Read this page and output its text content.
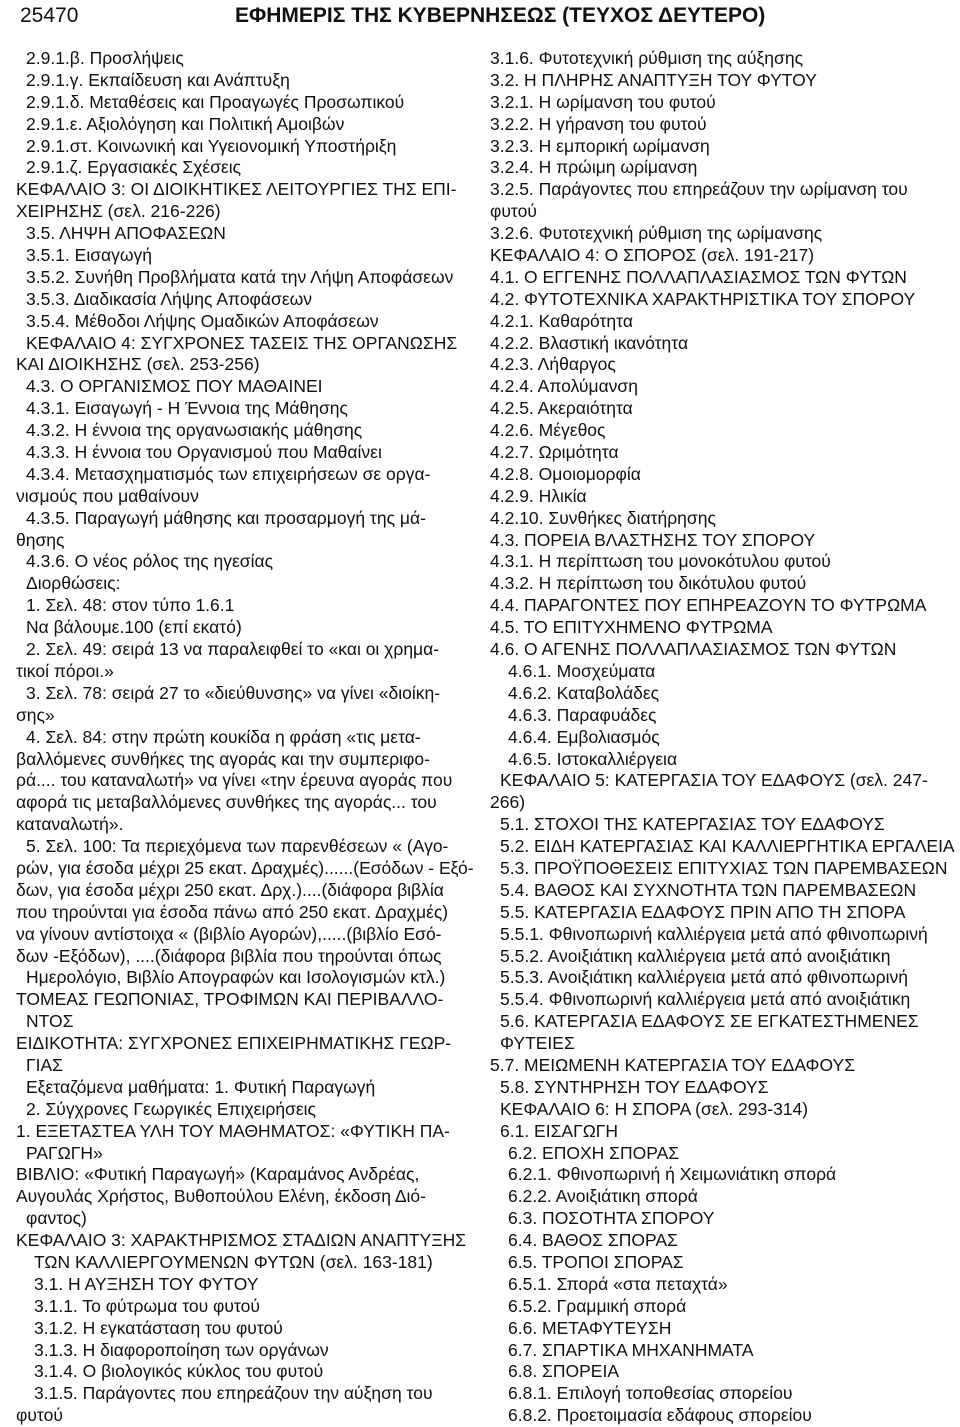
25470	ΕΦΗΜΕΡΙΣ ΤΗΣ ΚΥΒΕΡΝΗΣΕΩΣ (ΤΕΥΧΟΣ ΔΕΥΤΕΡΟ)
2.9.1.β. Προσλήψεις
2.9.1.γ. Εκπαίδευση και Ανάπτυξη
2.9.1.δ. Μεταθέσεις και Προαγωγές Προσωπικού
2.9.1.ε. Αξιολόγηση και Πολιτική Αμοιβών
2.9.1.στ. Κοινωνική και Υγειονομική Υποστήριξη
2.9.1.ζ. Εργασιακές Σχέσεις
ΚΕΦΑΛΑΙΟ 3: ΟΙ ΔΙΟΙΚΗΤΙΚΕΣ ΛΕΙΤΟΥΡΓΙΕΣ ΤΗΣ ΕΠΙ-
ΧΕΙΡΗΣΗΣ (σελ. 216-226)
3.5. ΛΗΨΗ ΑΠΟΦΑΣΕΩΝ
3.5.1. Εισαγωγή
3.5.2. Συνήθη Προβλήματα κατά την Λήψη Αποφάσεων
3.5.3. Διαδικασία Λήψης Αποφάσεων
3.5.4. Μέθοδοι Λήψης Ομαδικών Αποφάσεων
ΚΕΦΑΛΑΙΟ 4: ΣΥΓΧΡΟΝΕΣ ΤΑΣΕΙΣ ΤΗΣ ΟΡΓΑΝΩΣΗΣ
ΚΑΙ ΔΙΟΙΚΗΣΗΣ (σελ. 253-256)
4.3. Ο ΟΡΓΑΝΙΣΜΟΣ ΠΟΥ ΜΑΘΑΙΝΕΙ
4.3.1. Εισαγωγή - Η Έννοια της Μάθησης
4.3.2. Η έννοια της οργανωσιακής μάθησης
4.3.3. Η έννοια του Οργανισμού που Μαθαίνει
4.3.4. Μετασχηματισμός των επιχειρήσεων σε οργα-
νισμούς που μαθαίνουν
4.3.5. Παραγωγή μάθησης και προσαρμογή της μά-
θησης
4.3.6. Ο νέος ρόλος της ηγεσίας
Διορθώσεις:
1. Σελ. 48: στον τύπο 1.6.1
Να βάλουμε.100 (επί εκατό)
2. Σελ. 49: σειρά 13 να παραλειφθεί το «και οι χρημα-
τικοί πόροι.»
3. Σελ. 78: σειρά 27 το «διεύθυνσης» να γίνει «διοίκη-
σης»
4. Σελ. 84: στην πρώτη κουκίδα η φράση «τις μετα-
βαλλόμενες συνθήκες της αγοράς και την συμπεριφο-
ρά.... του καταναλωτή» να γίνει «την έρευνα αγοράς που
αφορά τις μεταβαλλόμενες συνθήκες της αγοράς... του
καταναλωτή».
5. Σελ. 100: Τα περιεχόμενα των παρενθέσεων « (Αγο-
ρών, για έσοδα μέχρι 25 εκατ. Δραχμές)......(Εσόδων - Εξό-
δων, για έσοδα μέχρι 250 εκατ. Δρχ.)....(διάφορα βιβλία
που τηρούνται για έσοδα πάνω από 250 εκατ. Δραχμές)
να γίνουν αντίστοιχα « (βιβλίο Αγορών),.....(βιβλίο Εσό-
δων -Εξόδων), ....(διάφορα βιβλία που τηρούνται όπως
Ημερολόγιο, Βιβλίο Απογραφών και Ισολογισμών κτλ.)
ΤΟΜΕΑΣ ΓΕΩΠΟΝΙΑΣ, ΤΡΟΦΙΜΩΝ ΚΑΙ ΠΕΡΙΒΑΛΛΟ-
ΝΤΟΣ
ΕΙΔΙΚΟΤΗΤΑ: ΣΥΓΧΡΟΝΕΣ ΕΠΙΧΕΙΡΗΜΑΤΙΚΗΣ ΓΕΩΡ-
ΓΙΑΣ
Εξεταζόμενα μαθήματα: 1. Φυτική Παραγωγή
2. Σύγχρονες Γεωργικές Επιχειρήσεις
1. ΕΞΕΤΑΣΤΕΑ ΥΛΗ ΤΟΥ ΜΑΘΗΜΑΤΟΣ: «ΦΥΤΙΚΗ ΠΑ-
ΡΑΓΩΓΗ»
ΒΙΒΛΙΟ: «Φυτική Παραγωγή» (Καραμάνος Ανδρέας,
Αυγουλάς Χρήστος, Βυθοπούλου Ελένη, έκδοση Διό-
φαντος)
ΚΕΦΑΛΑΙΟ 3: ΧΑΡΑΚΤΗΡΙΣΜΟΣ ΣΤΑΔΙΩΝ ΑΝΑΠΤΥΞΗΣ
ΤΩΝ ΚΑΛΛΙΕΡΓΟΥΜΕΝΩΝ ΦΥΤΩΝ (σελ. 163-181)
3.1. Η ΑΥΞΗΣΗ ΤΟΥ ΦΥΤΟΥ
3.1.1. Το φύτρωμα του φυτού
3.1.2. Η εγκατάσταση του φυτού
3.1.3. Η διαφοροποίηση των οργάνων
3.1.4. Ο βιολογικός κύκλος του φυτού
3.1.5. Παράγοντες που επηρεάζουν την αύξηση του
φυτού
3.1.6. Φυτοτεχνική ρύθμιση της αύξησης
3.2. Η ΠΛΗΡΗΣ ΑΝΑΠΤΥΞΗ ΤΟΥ ΦΥΤΟΥ
3.2.1. Η ωρίμανση του φυτού
3.2.2. Η γήρανση του φυτού
3.2.3. Η εμπορική ωρίμανση
3.2.4. Η πρώιμη ωρίμανση
3.2.5. Παράγοντες που επηρεάζουν την ωρίμανση του
φυτού
3.2.6. Φυτοτεχνική ρύθμιση της ωρίμανσης
ΚΕΦΑΛΑΙΟ 4: Ο ΣΠΟΡΟΣ (σελ. 191-217)
4.1. Ο ΕΓΓΕΝΗΣ ΠΟΛΛΑΠΛΑΣΙΑΣΜΟΣ ΤΩΝ ΦΥΤΩΝ
4.2. ΦΥΤΟΤΕΧΝΙΚΑ ΧΑΡΑΚΤΗΡΙΣΤΙΚΑ ΤΟΥ ΣΠΟΡΟΥ
4.2.1. Καθαρότητα
4.2.2. Βλαστική ικανότητα
4.2.3. Λήθαργος
4.2.4. Απολύμανση
4.2.5. Ακεραιότητα
4.2.6. Μέγεθος
4.2.7. Ωριμότητα
4.2.8. Ομοιομορφία
4.2.9. Ηλικία
4.2.10. Συνθήκες διατήρησης
4.3. ΠΟΡΕΙΑ ΒΛΑΣΤΗΣΗΣ ΤΟΥ ΣΠΟΡΟΥ
4.3.1. Η περίπτωση του μονοκότυλου φυτού
4.3.2. Η περίπτωση του δικότυλου φυτού
4.4. ΠΑΡΑΓΟΝΤΕΣ ΠΟΥ ΕΠΗΡΕΑΖΟΥΝ ΤΟ ΦΥΤΡΩΜΑ
4.5. ΤΟ ΕΠΙΤΥΧΗΜΕΝΟ ΦΥΤΡΩΜΑ
4.6. Ο ΑΓΕΝΗΣ ΠΟΛΛΑΠΛΑΣΙΑΣΜΟΣ ΤΩΝ ΦΥΤΩΝ
4.6.1. Μοσχεύματα
4.6.2. Καταβολάδες
4.6.3. Παραφυάδες
4.6.4. Εμβολιασμός
4.6.5. Ιστοκαλλιέργεια
ΚΕΦΑΛΑΙΟ 5: ΚΑΤΕΡΓΑΣΙΑ ΤΟΥ ΕΔΑΦΟΥΣ (σελ. 247-
266)
5.1. ΣΤΟΧΟΙ ΤΗΣ ΚΑΤΕΡΓΑΣΙΑΣ ΤΟΥ ΕΔΑΦΟΥΣ
5.2. ΕΙΔΗ ΚΑΤΕΡΓΑΣΙΑΣ ΚΑΙ ΚΑΛΛΙΕΡΓΗΤΙΚΑ ΕΡΓΑΛΕΙΑ
5.3. ΠΡΟΫΠΟΘΕΣΕΙΣ ΕΠΙΤΥΧΙΑΣ ΤΩΝ ΠΑΡΕΜΒΑΣΕΩΝ
5.4. ΒΑΘΟΣ ΚΑΙ ΣΥΧΝΟΤΗΤΑ ΤΩΝ ΠΑΡΕΜΒΑΣΕΩΝ
5.5. ΚΑΤΕΡΓΑΣΙΑ ΕΔΑΦΟΥΣ ΠΡΙΝ ΑΠΟ ΤΗ ΣΠΟΡΑ
5.5.1. Φθινοπωρινή καλλιέργεια μετά από φθινοπωρινή
5.5.2. Ανοιξιάτικη καλλιέργεια μετά από ανοιξιάτικη
5.5.3. Ανοιξιάτικη καλλιέργεια μετά από φθινοπωρινή
5.5.4. Φθινοπωρινή καλλιέργεια μετά από ανοιξιάτικη
5.6. ΚΑΤΕΡΓΑΣΙΑ ΕΔΑΦΟΥΣ ΣΕ ΕΓΚΑΤΕΣΤΗΜΕΝΕΣ
ΦΥΤΕΙΕΣ
5.7. ΜΕΙΩΜΕΝΗ ΚΑΤΕΡΓΑΣΙΑ ΤΟΥ ΕΔΑΦΟΥΣ
5.8. ΣΥΝΤΗΡΗΣΗ ΤΟΥ ΕΔΑΦΟΥΣ
ΚΕΦΑΛΑΙΟ 6: Η ΣΠΟΡΑ (σελ. 293-314)
6.1. ΕΙΣΑΓΩΓΗ
6.2. ΕΠΟΧΗ ΣΠΟΡΑΣ
6.2.1. Φθινοπωρινή ή Χειμωνιάτικη σπορά
6.2.2. Ανοιξιάτικη σπορά
6.3. ΠΟΣΟΤΗΤΑ ΣΠΟΡΟΥ
6.4. ΒΑΘΟΣ ΣΠΟΡΑΣ
6.5. ΤΡΟΠΟΙ ΣΠΟΡΑΣ
6.5.1. Σπορά «στα πεταχτά»
6.5.2. Γραμμική σπορά
6.6. ΜΕΤΑΦΥΤΕΥΣΗ
6.7. ΣΠΑΡΤΙΚΑ ΜΗΧΑΝΗΜΑΤΑ
6.8. ΣΠΟΡΕΙΑ
6.8.1. Επιλογή τοποθεσίας σπορείου
6.8.2. Προετοιμασία εδάφους σπορείου
